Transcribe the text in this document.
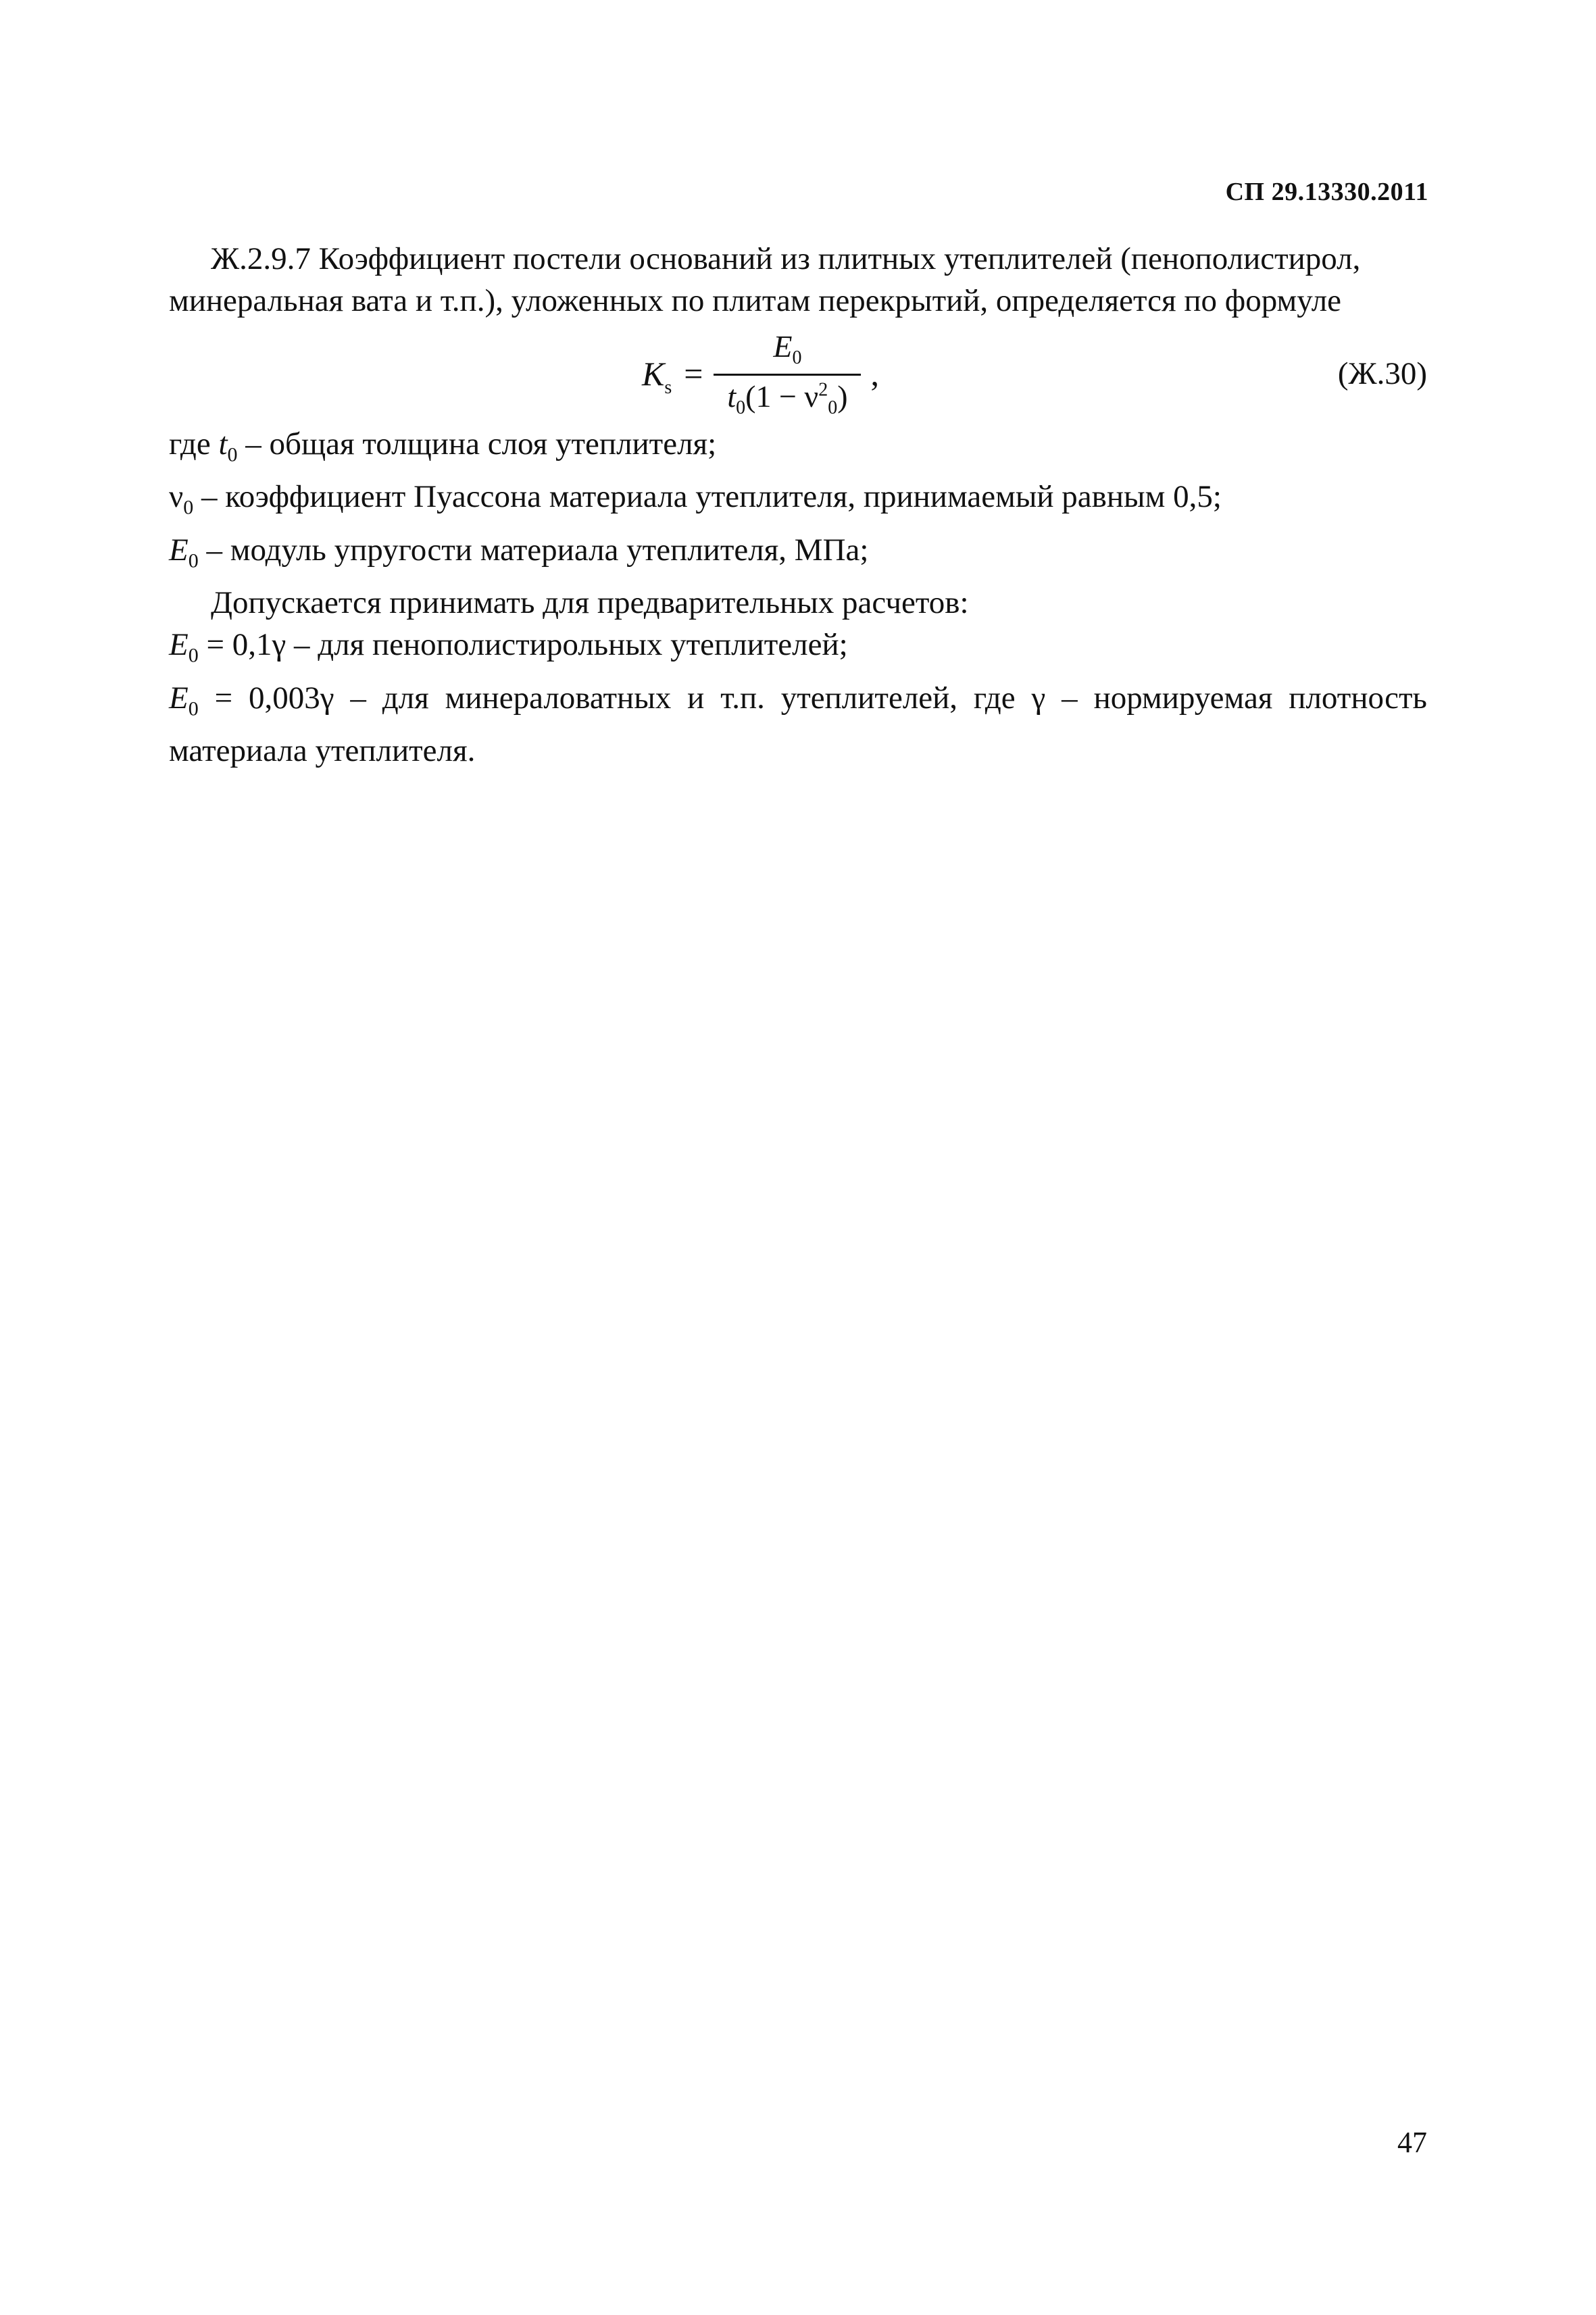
СП 29.13330.2011
Ж.2.9.7 Коэффициент постели оснований из плитных утеплителей (пенополистирол,
минеральная вата и т.п.), уложенных по плитам перекрытий, определяется по формуле
$K_s = \frac{E_0}{t_0(1 - \nu^2_0)}$ ,	(Ж.30)
где $t_0$ – общая толщина слоя утеплителя;
$\nu_0$ – коэффициент Пуассона материала утеплителя, принимаемый равным 0,5;
$E_0$ – модуль упругости материала утеплителя, МПа;
Допускается принимать для предварительных расчетов:
$E_0 = 0,1\gamma$ – для пенополистирольных утеплителей;
$E_0 = 0,003\gamma$ – для минераловатных и т.п. утеплителей, где γ – нормируемая плотность
материала утеплителя.
47
